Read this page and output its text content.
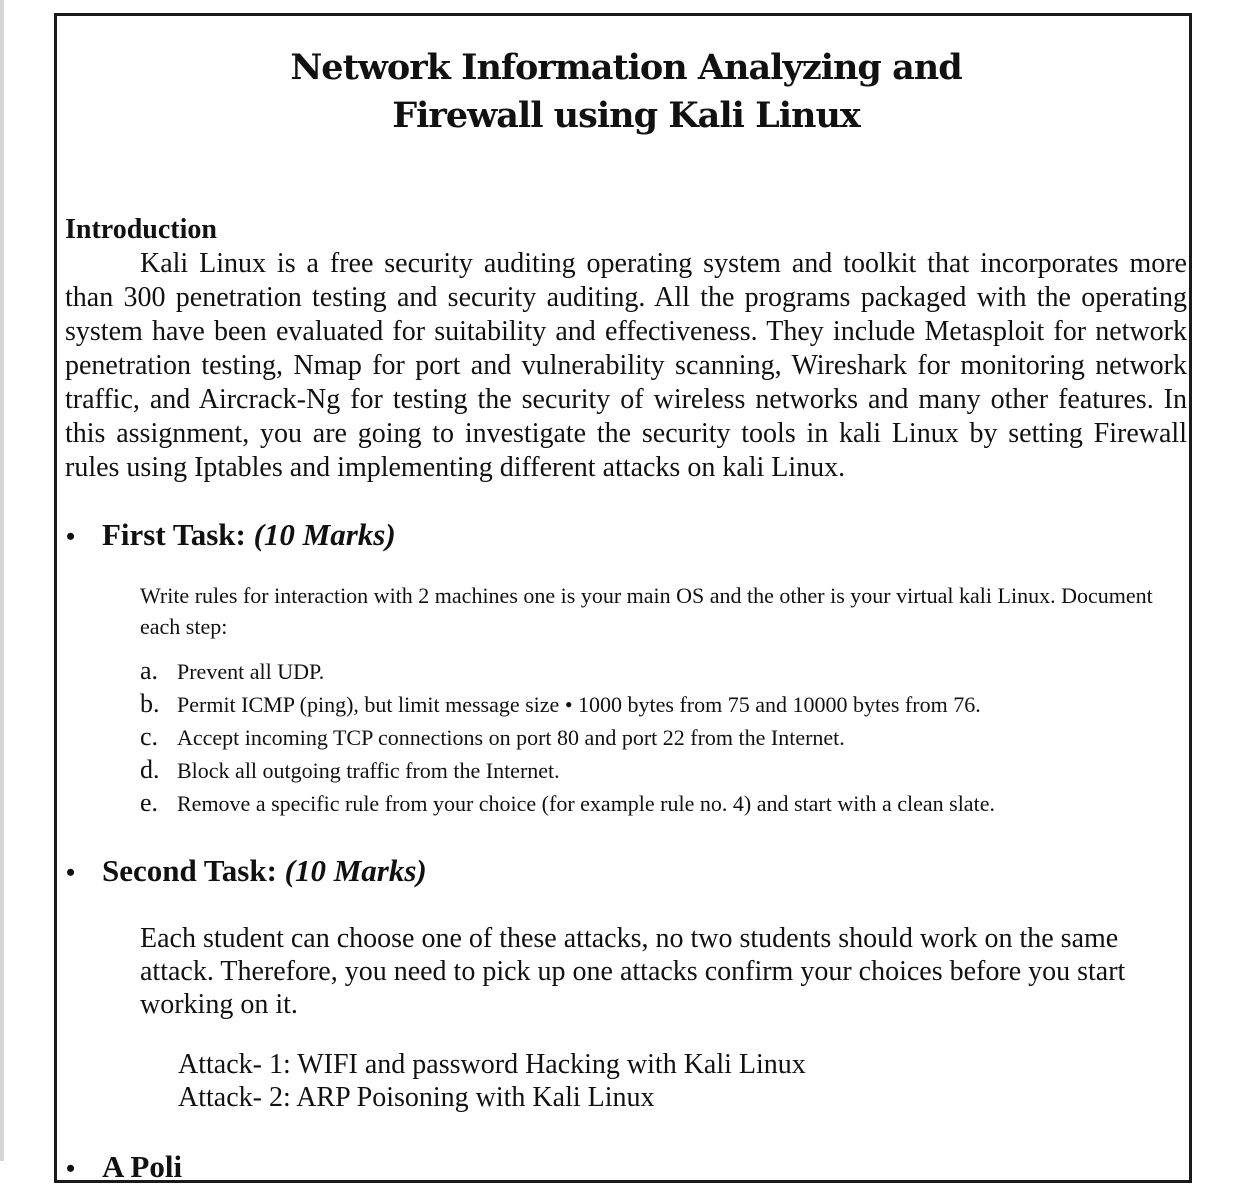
Network Information Analyzing and
Firewall using Kali Linux
Introduction

Kali Linux is a free security auditing operating system and toolkit that incorporates more than 300 penetration testing and security auditing. All the programs packaged with the operating system have been evaluated for suitability and effectiveness. They include Metasploit for network penetration testing, Nmap for port and vulnerability scanning, Wireshark for monitoring network traffic, and Aircrack-Ng for testing the security of wireless networks and many other features. In this assignment, you are going to investigate the security tools in kali Linux by setting Firewall rules using Iptables and implementing different attacks on kali Linux.

• First Task: (10 Marks)

Write rules for interaction with 2 machines one is your main OS and the other is your virtual kali Linux. Document each step:

a. Prevent all UDP.
b. Permit ICMP (ping), but limit message size • 1000 bytes from 75 and 10000 bytes from 76.
c. Accept incoming TCP connections on port 80 and port 22 from the Internet.
d. Block all outgoing traffic from the Internet.
e. Remove a specific rule from your choice (for example rule no. 4) and start with a clean slate.
• Second Task: (10 Marks)

Each student can choose one of these attacks, no two students should work on the same attack. Therefore, you need to pick up one attacks confirm your choices before you start working on it.

Attack- 1: WIFI and password Hacking with Kali Linux
Attack- 2: ARP Poisoning with Kali Linux
• A Poli
